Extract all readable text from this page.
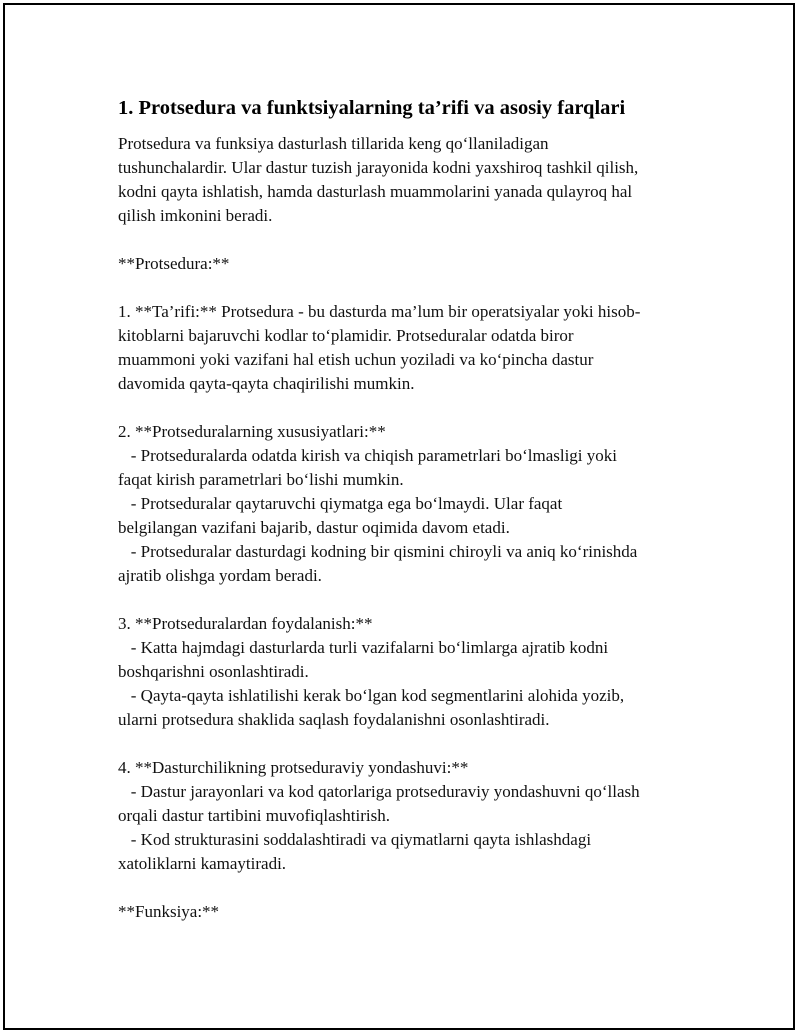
1. Protsedura va funktsiyalarning ta’rifi va asosiy farqlari
Protsedura va funksiya dasturlash tillarida keng qo‘llaniladigan
tushunchalardir. Ular dastur tuzish jarayonida kodni yaxshiroq tashkil qilish,
kodni qayta ishlatish, hamda dasturlash muammolarini yanada qulayroq hal
qilish imkonini beradi.
**Protsedura:**
1. **Ta’rifi:** Protsedura - bu dasturda ma’lum bir operatsiyalar yoki hisob-
kitoblarni bajaruvchi kodlar to‘plamidir. Protseduralar odatda biror
muammoni yoki vazifani hal etish uchun yoziladi va ko‘pincha dastur
davomida qayta-qayta chaqirilishi mumkin.
2. **Protseduralarning xususiyatlari:**
- Protseduralarda odatda kirish va chiqish parametrlari bo‘lmasligi yoki
faqat kirish parametrlari bo‘lishi mumkin.
- Protseduralar qaytaruvchi qiymatga ega bo‘lmaydi. Ular faqat
belgilangan vazifani bajarib, dastur oqimida davom etadi.
- Protseduralar dasturdagi kodning bir qismini chiroyli va aniq ko‘rinishda
ajratib olishga yordam beradi.
3. **Protseduralardan foydalanish:**
- Katta hajmdagi dasturlarda turli vazifalarni bo‘limlarga ajratib kodni
boshqarishni osonlashtiradi.
- Qayta-qayta ishlatilishi kerak bo‘lgan kod segmentlarini alohida yozib,
ularni protsedura shaklida saqlash foydalanishni osonlashtiradi.
4. **Dasturchilikning protseduraviy yondashuvi:**
- Dastur jarayonlari va kod qatorlariga protseduraviy yondashuvni qo‘llash
orqali dastur tartibini muvofiqlashtirish.
- Kod strukturasini soddalashtiradi va qiymatlarni qayta ishlashdagi
xatoliklarni kamaytiradi.
**Funksiya:**
